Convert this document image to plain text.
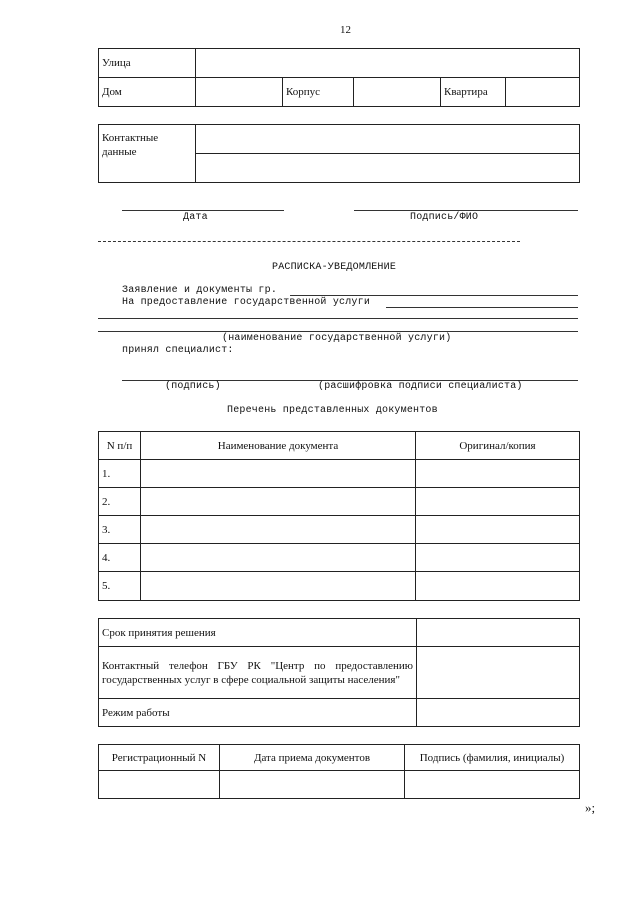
12
Улица					
Дом		Корпус		Квартира	
Контактные данные	

Дата	Подпись/ФИО
РАСПИСКА-УВЕДОМЛЕНИЕ
Заявление и документы гр.
На предоставление государственной услуги
(наименование государственной услуги)
принял специалист:
(подпись)	(расшифровка подписи специалиста)
Перечень представленных документов
N п/п	Наименование документа	Оригинал/копия
1.		
2.		
3.		
4.		
5.		
Срок принятия решения	
Контактный телефон ГБУ РК "Центр по предоставлению государственных услуг в сфере социальной защиты населения"	
Режим работы	
Регистрационный N	Дата приема документов	Подпись (фамилия, инициалы)

»;
